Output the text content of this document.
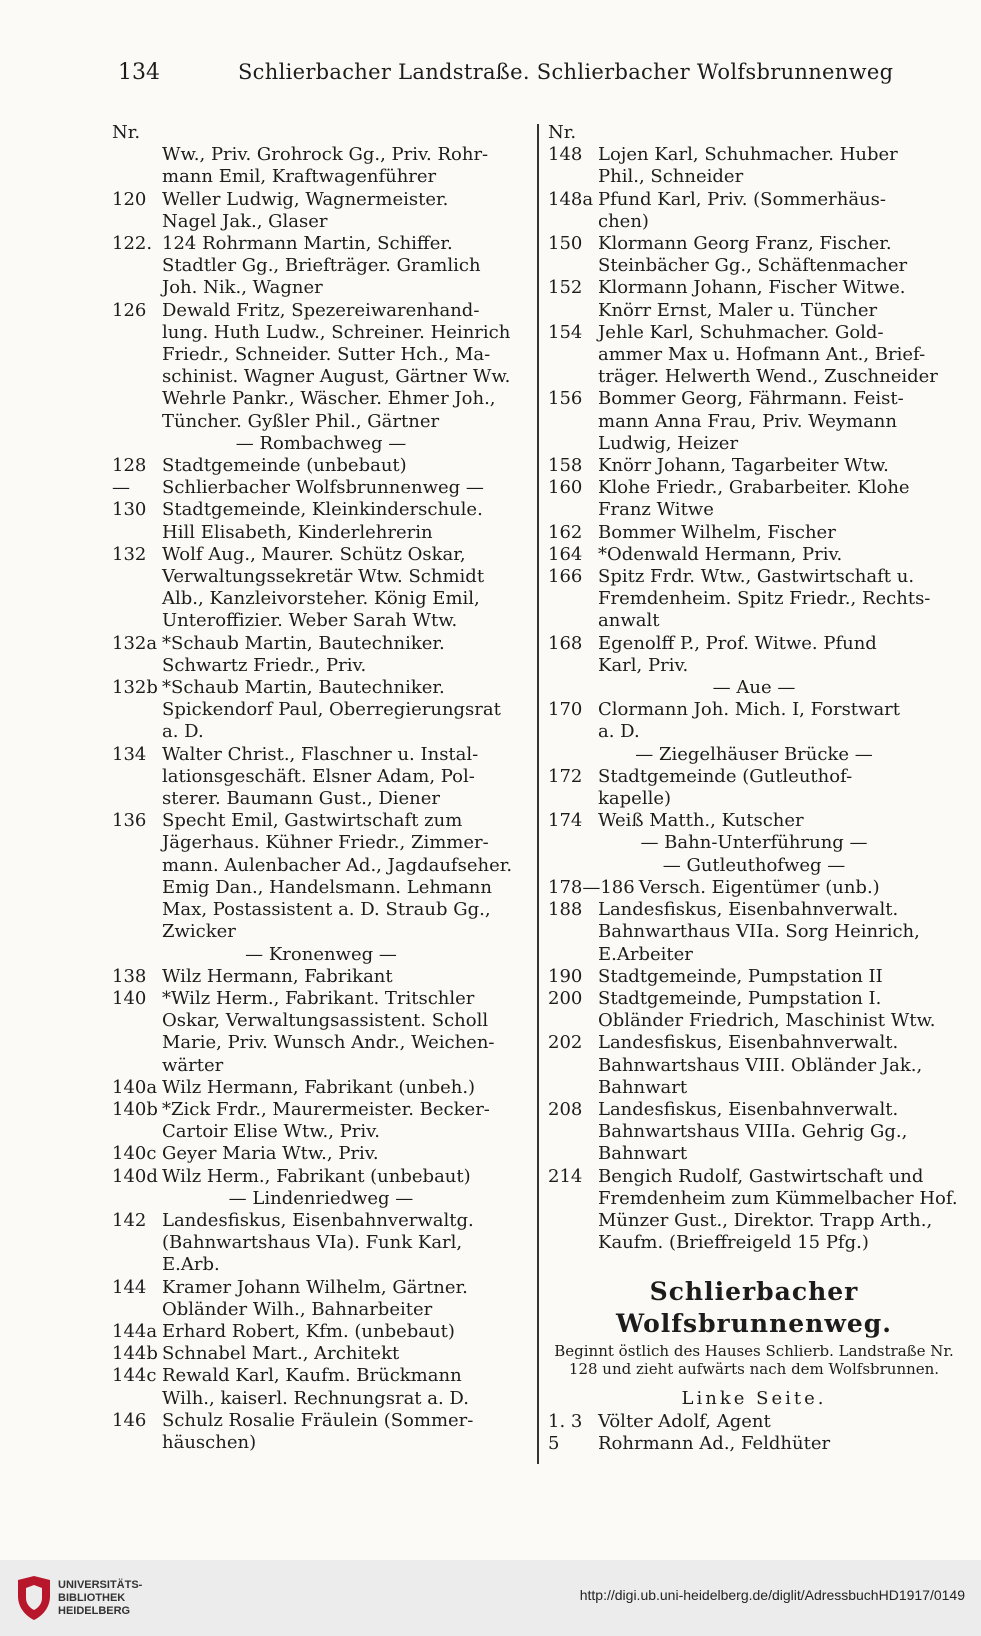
134	Schlierbacher Landstraße. Schlierbacher Wolfsbrunnenweg
Nr.
Ww., Priv. Grohrock Gg., Priv. Rohr-
mann Emil, Kraftwagenführer
120 Weller Ludwig, Wagnermeister.
Nagel Jak., Glaser
122. 124 Rohrmann Martin, Schiffer.
Stadtler Gg., Briefträger. Gramlich
Joh. Nik., Wagner
126 Dewald Fritz, Spezereiwarenhand-
lung. Huth Ludw., Schreiner. Heinrich
Friedr., Schneider. Sutter Hch., Ma-
schinist. Wagner August, Gärtner Ww.
Wehrle Pankr., Wäscher. Ehmer Joh.,
Tüncher. Gyßler Phil., Gärtner
— Rombachweg —
128 Stadtgemeinde (unbebaut)
—	Schlierbacher Wolfsbrunnenweg —
130 Stadtgemeinde, Kleinkinderschule.
Hill Elisabeth, Kinderlehrerin
132 Wolf Aug., Maurer. Schütz Oskar,
Verwaltungssekretär Wtw. Schmidt
Alb., Kanzleivorsteher. König Emil,
Unteroffizier. Weber Sarah Wtw.
132a *Schaub Martin, Bautechniker.
Schwartz Friedr., Priv.
132b *Schaub Martin, Bautechniker.
Spickendorf Paul, Oberregierungsrat
a. D.
134 Walter Christ., Flaschner u. Instal-
lationsgeschäft. Elsner Adam, Pol-
sterer. Baumann Gust., Diener
136 Specht Emil, Gastwirtschaft zum
Jägerhaus. Kühner Friedr., Zimmer-
mann. Aulenbacher Ad., Jagdaufseher.
Emig Dan., Handelsmann. Lehmann
Max, Postassistent a. D. Straub Gg.,
Zwicker
— Kronenweg —
138 Wilz Hermann, Fabrikant
140 *Wilz Herm., Fabrikant. Tritschler
Oskar, Verwaltungsassistent. Scholl
Marie, Priv. Wunsch Andr., Weichen-
wärter
140a Wilz Hermann, Fabrikant (unbeh.)
140b *Zick Frdr., Maurermeister. Becker-
Cartoir Elise Wtw., Priv.
140c Geyer Maria Wtw., Priv.
140d Wilz Herm., Fabrikant (unbebaut)
— Lindenriedweg —
142 Landesfiskus, Eisenbahnverwaltg.
(Bahnwartshaus VIa). Funk Karl,
E.Arb.
144 Kramer Johann Wilhelm, Gärtner.
Obländer Wilh., Bahnarbeiter
144a Erhard Robert, Kfm. (unbebaut)
144b Schnabel Mart., Architekt
144c Rewald Karl, Kaufm. Brückmann
Wilh., kaiserl. Rechnungsrat a. D.
146 Schulz Rosalie Fräulein (Sommer-
häuschen)
Nr.
148 Lojen Karl, Schuhmacher. Huber
Phil., Schneider
148a Pfund Karl, Priv. (Sommerhäus-
chen)
150 Klormann Georg Franz, Fischer.
Steinbächer Gg., Schäftenmacher
152 Klormann Johann, Fischer Witwe.
Knörr Ernst, Maler u. Tüncher
154 Jehle Karl, Schuhmacher. Gold-
ammer Max u. Hofmann Ant., Brief-
träger. Helwerth Wend., Zuschneider
156 Bommer Georg, Fährmann. Feist-
mann Anna Frau, Priv. Weymann
Ludwig, Heizer
158 Knörr Johann, Tagarbeiter Wtw.
160 Klohe Friedr., Grabarbeiter. Klohe
Franz Witwe
162 Bommer Wilhelm, Fischer
164 *Odenwald Hermann, Priv.
166 Spitz Frdr. Wtw., Gastwirtschaft u.
Fremdenheim. Spitz Friedr., Rechts-
anwalt
168 Egenolff P., Prof. Witwe. Pfund
Karl, Priv.
— Aue —
170 Clormann Joh. Mich. I, Forstwart
a. D.
— Ziegelhäuser Brücke —
172 Stadtgemeinde (Gutleuthof-
kapelle)
174 Weiß Matth., Kutscher
— Bahn-Unterführung —
— Gutleuthofweg —
178—186 Versch. Eigentümer (unb.)
188 Landesfiskus, Eisenbahnverwalt.
Bahnwarthaus VIIa. Sorg Heinrich,
E.Arbeiter
190 Stadtgemeinde, Pumpstation II
200 Stadtgemeinde, Pumpstation I.
Obländer Friedrich, Maschinist Wtw.
202 Landesfiskus, Eisenbahnverwalt.
Bahnwartshaus VIII. Obländer Jak.,
Bahnwart
208 Landesfiskus, Eisenbahnverwalt.
Bahnwartshaus VIIIa. Gehrig Gg.,
Bahnwart
214 Bengich Rudolf, Gastwirtschaft und
Fremdenheim zum Kümmelbacher Hof.
Münzer Gust., Direktor. Trapp Arth.,
Kaufm. (Brieffreigeld 15 Pfg.)
Schlierbacher Wolfsbrunnenweg.
Beginnt östlich des Hauses Schlierb. Landstraße Nr. 128 und zieht aufwärts nach dem Wolfsbrunnen.
Linke Seite.
1. 3 Völter Adolf, Agent
5	Rohrmann Ad., Feldhüter
UNIVERSITÄTS-
BIBLIOTHEK
HEIDELBERG
http://digi.ub.uni-heidelberg.de/diglit/AdressbuchHD1917/0149
